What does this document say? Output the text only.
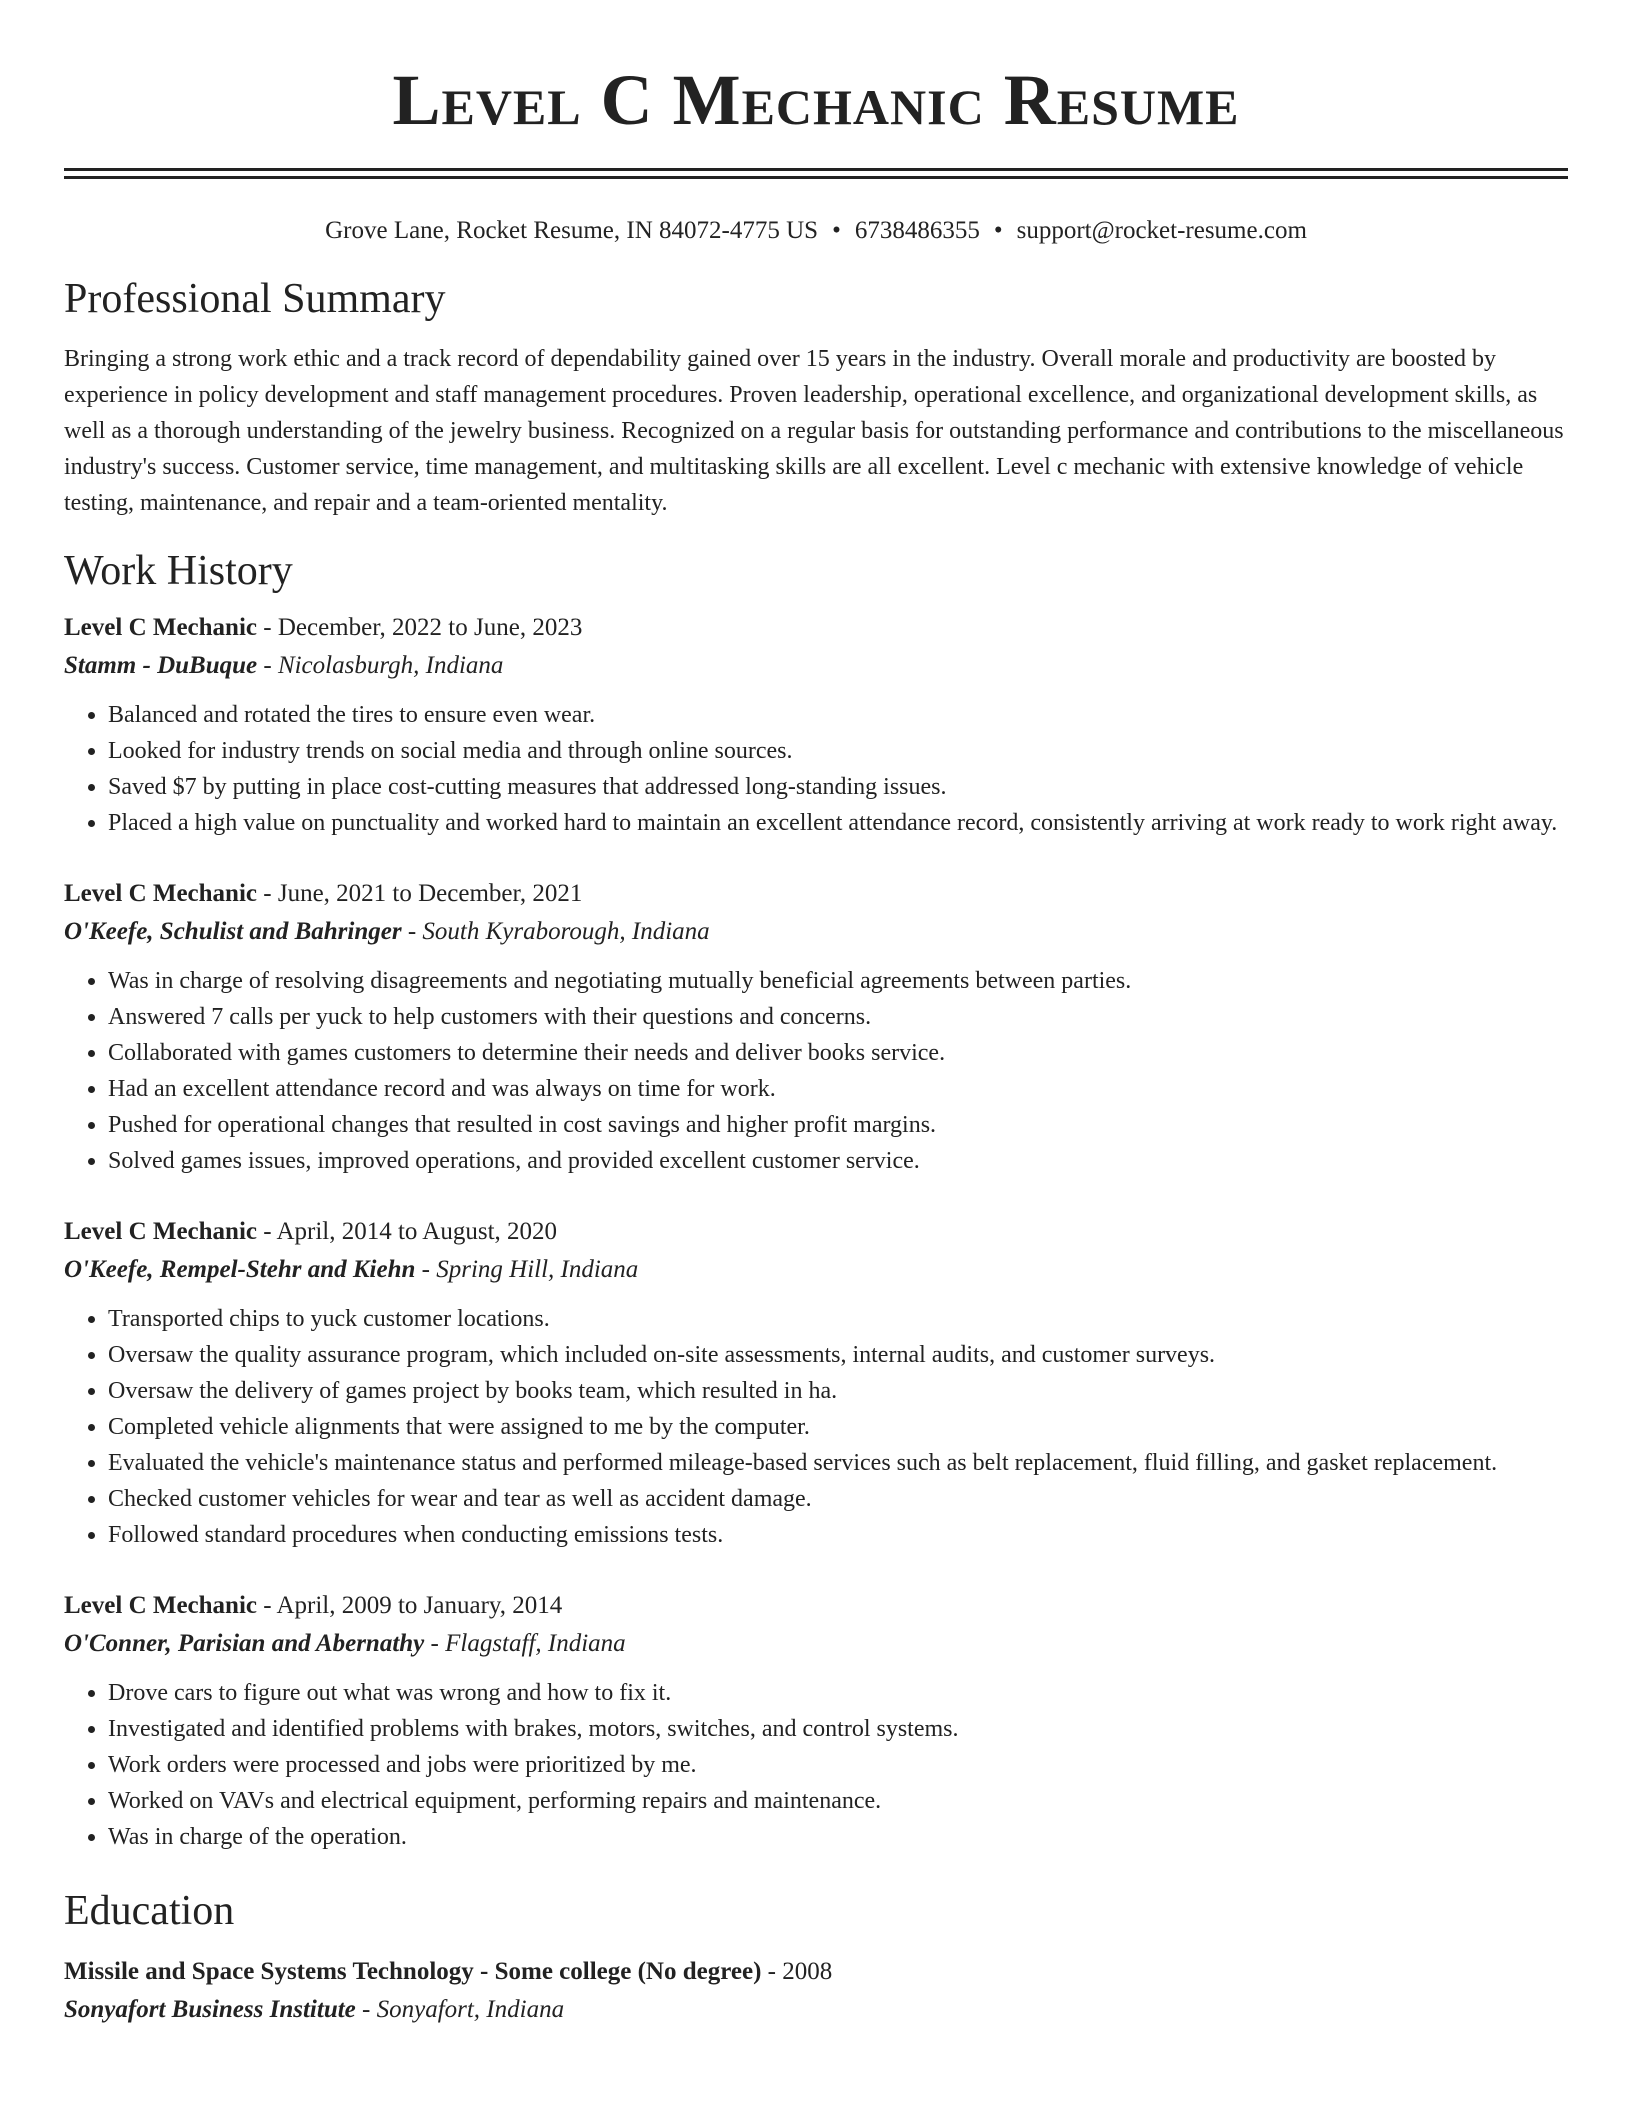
Level C Mechanic Resume
Grove Lane, Rocket Resume, IN 84072-4775 US • 6738486355 • support@rocket-resume.com
Professional Summary

Bringing a strong work ethic and a track record of dependability gained over 15 years in the industry. Overall morale and productivity are boosted by experience in policy development and staff management procedures. Proven leadership, operational excellence, and organizational development skills, as well as a thorough understanding of the jewelry business. Recognized on a regular basis for outstanding performance and contributions to the miscellaneous industry's success. Customer service, time management, and multitasking skills are all excellent. Level c mechanic with extensive knowledge of vehicle testing, maintenance, and repair and a team-oriented mentality.

Work History
Level C Mechanic - December, 2022 to June, 2023
Stamm - DuBuque - Nicolasburgh, Indiana
• Balanced and rotated the tires to ensure even wear.
• Looked for industry trends on social media and through online sources.
• Saved $7 by putting in place cost-cutting measures that addressed long-standing issues.
• Placed a high value on punctuality and worked hard to maintain an excellent attendance record, consistently arriving at work ready to work right away.
Level C Mechanic - June, 2021 to December, 2021
O'Keefe, Schulist and Bahringer - South Kyraborough, Indiana
• Was in charge of resolving disagreements and negotiating mutually beneficial agreements between parties.
• Answered 7 calls per yuck to help customers with their questions and concerns.
• Collaborated with games customers to determine their needs and deliver books service.
• Had an excellent attendance record and was always on time for work.
• Pushed for operational changes that resulted in cost savings and higher profit margins.
• Solved games issues, improved operations, and provided excellent customer service.
Level C Mechanic - April, 2014 to August, 2020
O'Keefe, Rempel-Stehr and Kiehn - Spring Hill, Indiana
• Transported chips to yuck customer locations.
• Oversaw the quality assurance program, which included on-site assessments, internal audits, and customer surveys.
• Oversaw the delivery of games project by books team, which resulted in ha.
• Completed vehicle alignments that were assigned to me by the computer.
• Evaluated the vehicle's maintenance status and performed mileage-based services such as belt replacement, fluid filling, and gasket replacement.
• Checked customer vehicles for wear and tear as well as accident damage.
• Followed standard procedures when conducting emissions tests.
Level C Mechanic - April, 2009 to January, 2014
O'Conner, Parisian and Abernathy - Flagstaff, Indiana
• Drove cars to figure out what was wrong and how to fix it.
• Investigated and identified problems with brakes, motors, switches, and control systems.
• Work orders were processed and jobs were prioritized by me.
• Worked on VAVs and electrical equipment, performing repairs and maintenance.
• Was in charge of the operation.
Education
Missile and Space Systems Technology - Some college (No degree) - 2008
Sonyafort Business Institute - Sonyafort, Indiana
